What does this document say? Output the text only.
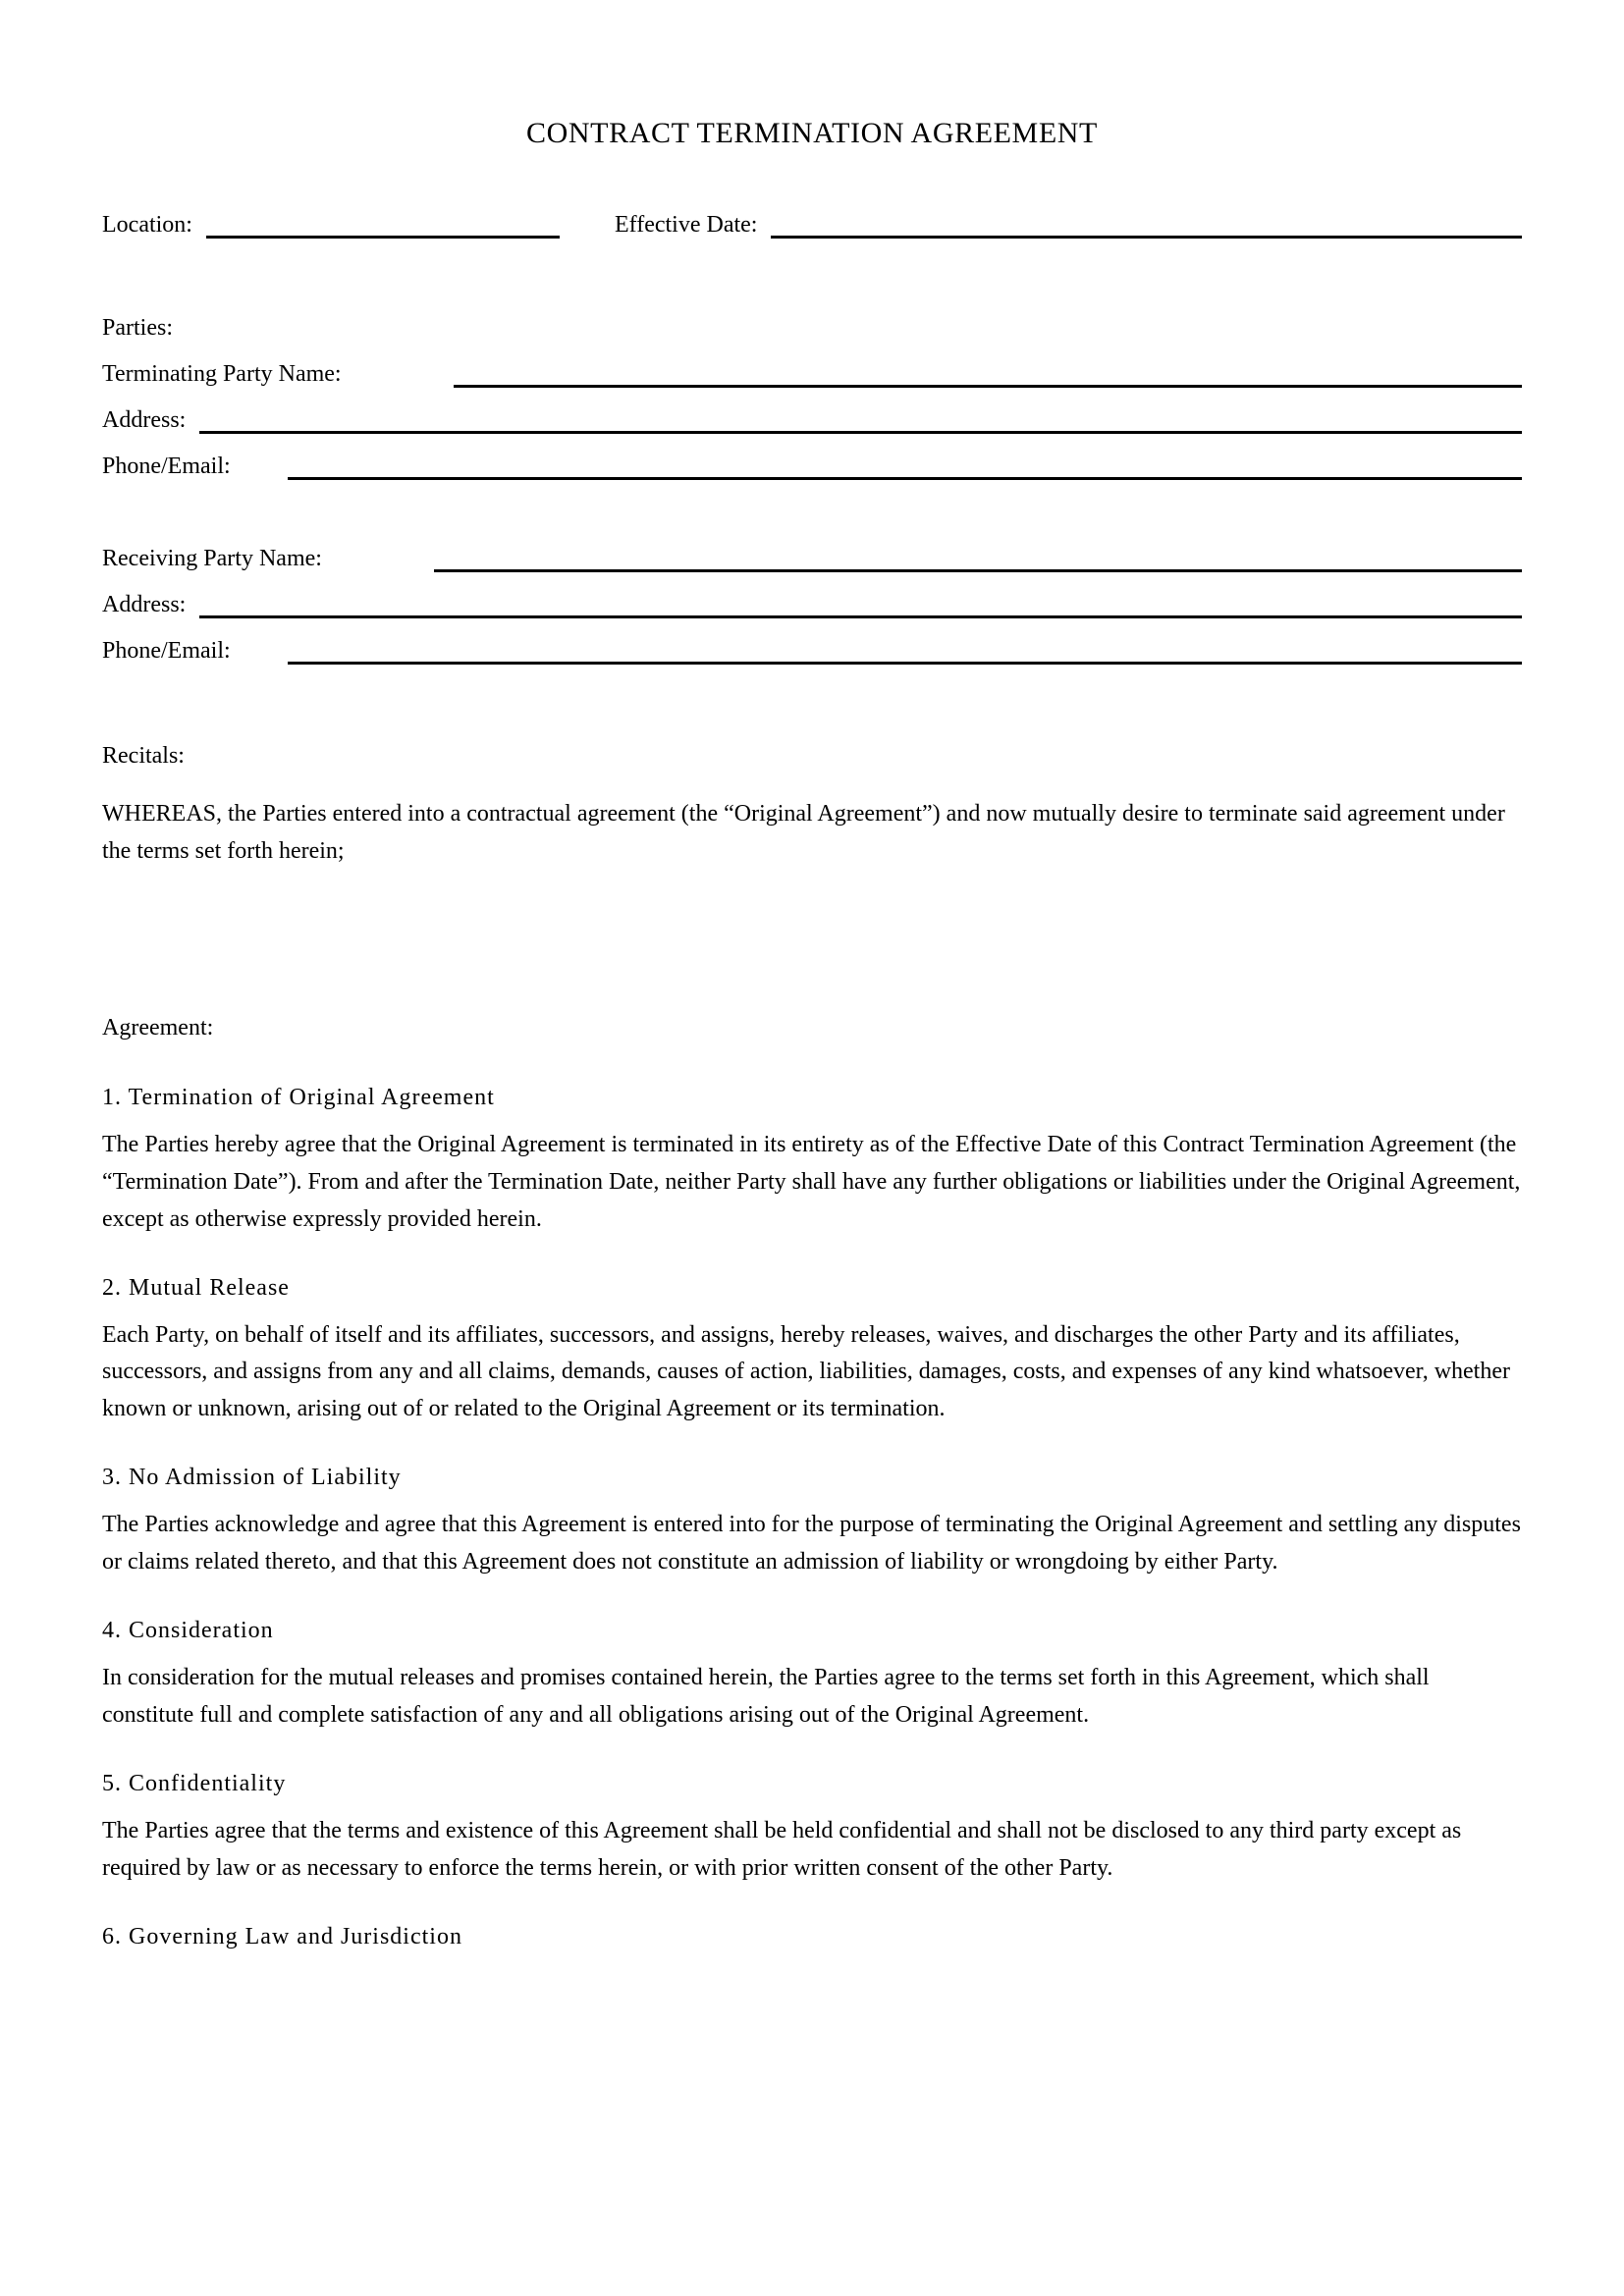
CONTRACT TERMINATION AGREEMENT
Location:	Effective Date:
Parties:
Terminating Party Name:
Address:
Phone/Email:
Receiving Party Name:
Address:
Phone/Email:
Recitals:

WHEREAS, the Parties entered into a contractual agreement (the “Original Agreement”) and now mutually desire to terminate said agreement under the terms set forth herein;

Agreement:
1. Termination of Original Agreement

The Parties hereby agree that the Original Agreement is terminated in its entirety as of the Effective Date of this Contract Termination Agreement (the “Termination Date”). From and after the Termination Date, neither Party shall have any further obligations or liabilities under the Original Agreement, except as otherwise expressly provided herein.

2. Mutual Release

Each Party, on behalf of itself and its affiliates, successors, and assigns, hereby releases, waives, and discharges the other Party and its affiliates, successors, and assigns from any and all claims, demands, causes of action, liabilities, damages, costs, and expenses of any kind whatsoever, whether known or unknown, arising out of or related to the Original Agreement or its termination.

3. No Admission of Liability

The Parties acknowledge and agree that this Agreement is entered into for the purpose of terminating the Original Agreement and settling any disputes or claims related thereto, and that this Agreement does not constitute an admission of liability or wrongdoing by either Party.

4. Consideration

In consideration for the mutual releases and promises contained herein, the Parties agree to the terms set forth in this Agreement, which shall constitute full and complete satisfaction of any and all obligations arising out of the Original Agreement.

5. Confidentiality

The Parties agree that the terms and existence of this Agreement shall be held confidential and shall not be disclosed to any third party except as required by law or as necessary to enforce the terms herein, or with prior written consent of the other Party.

6. Governing Law and Jurisdiction
